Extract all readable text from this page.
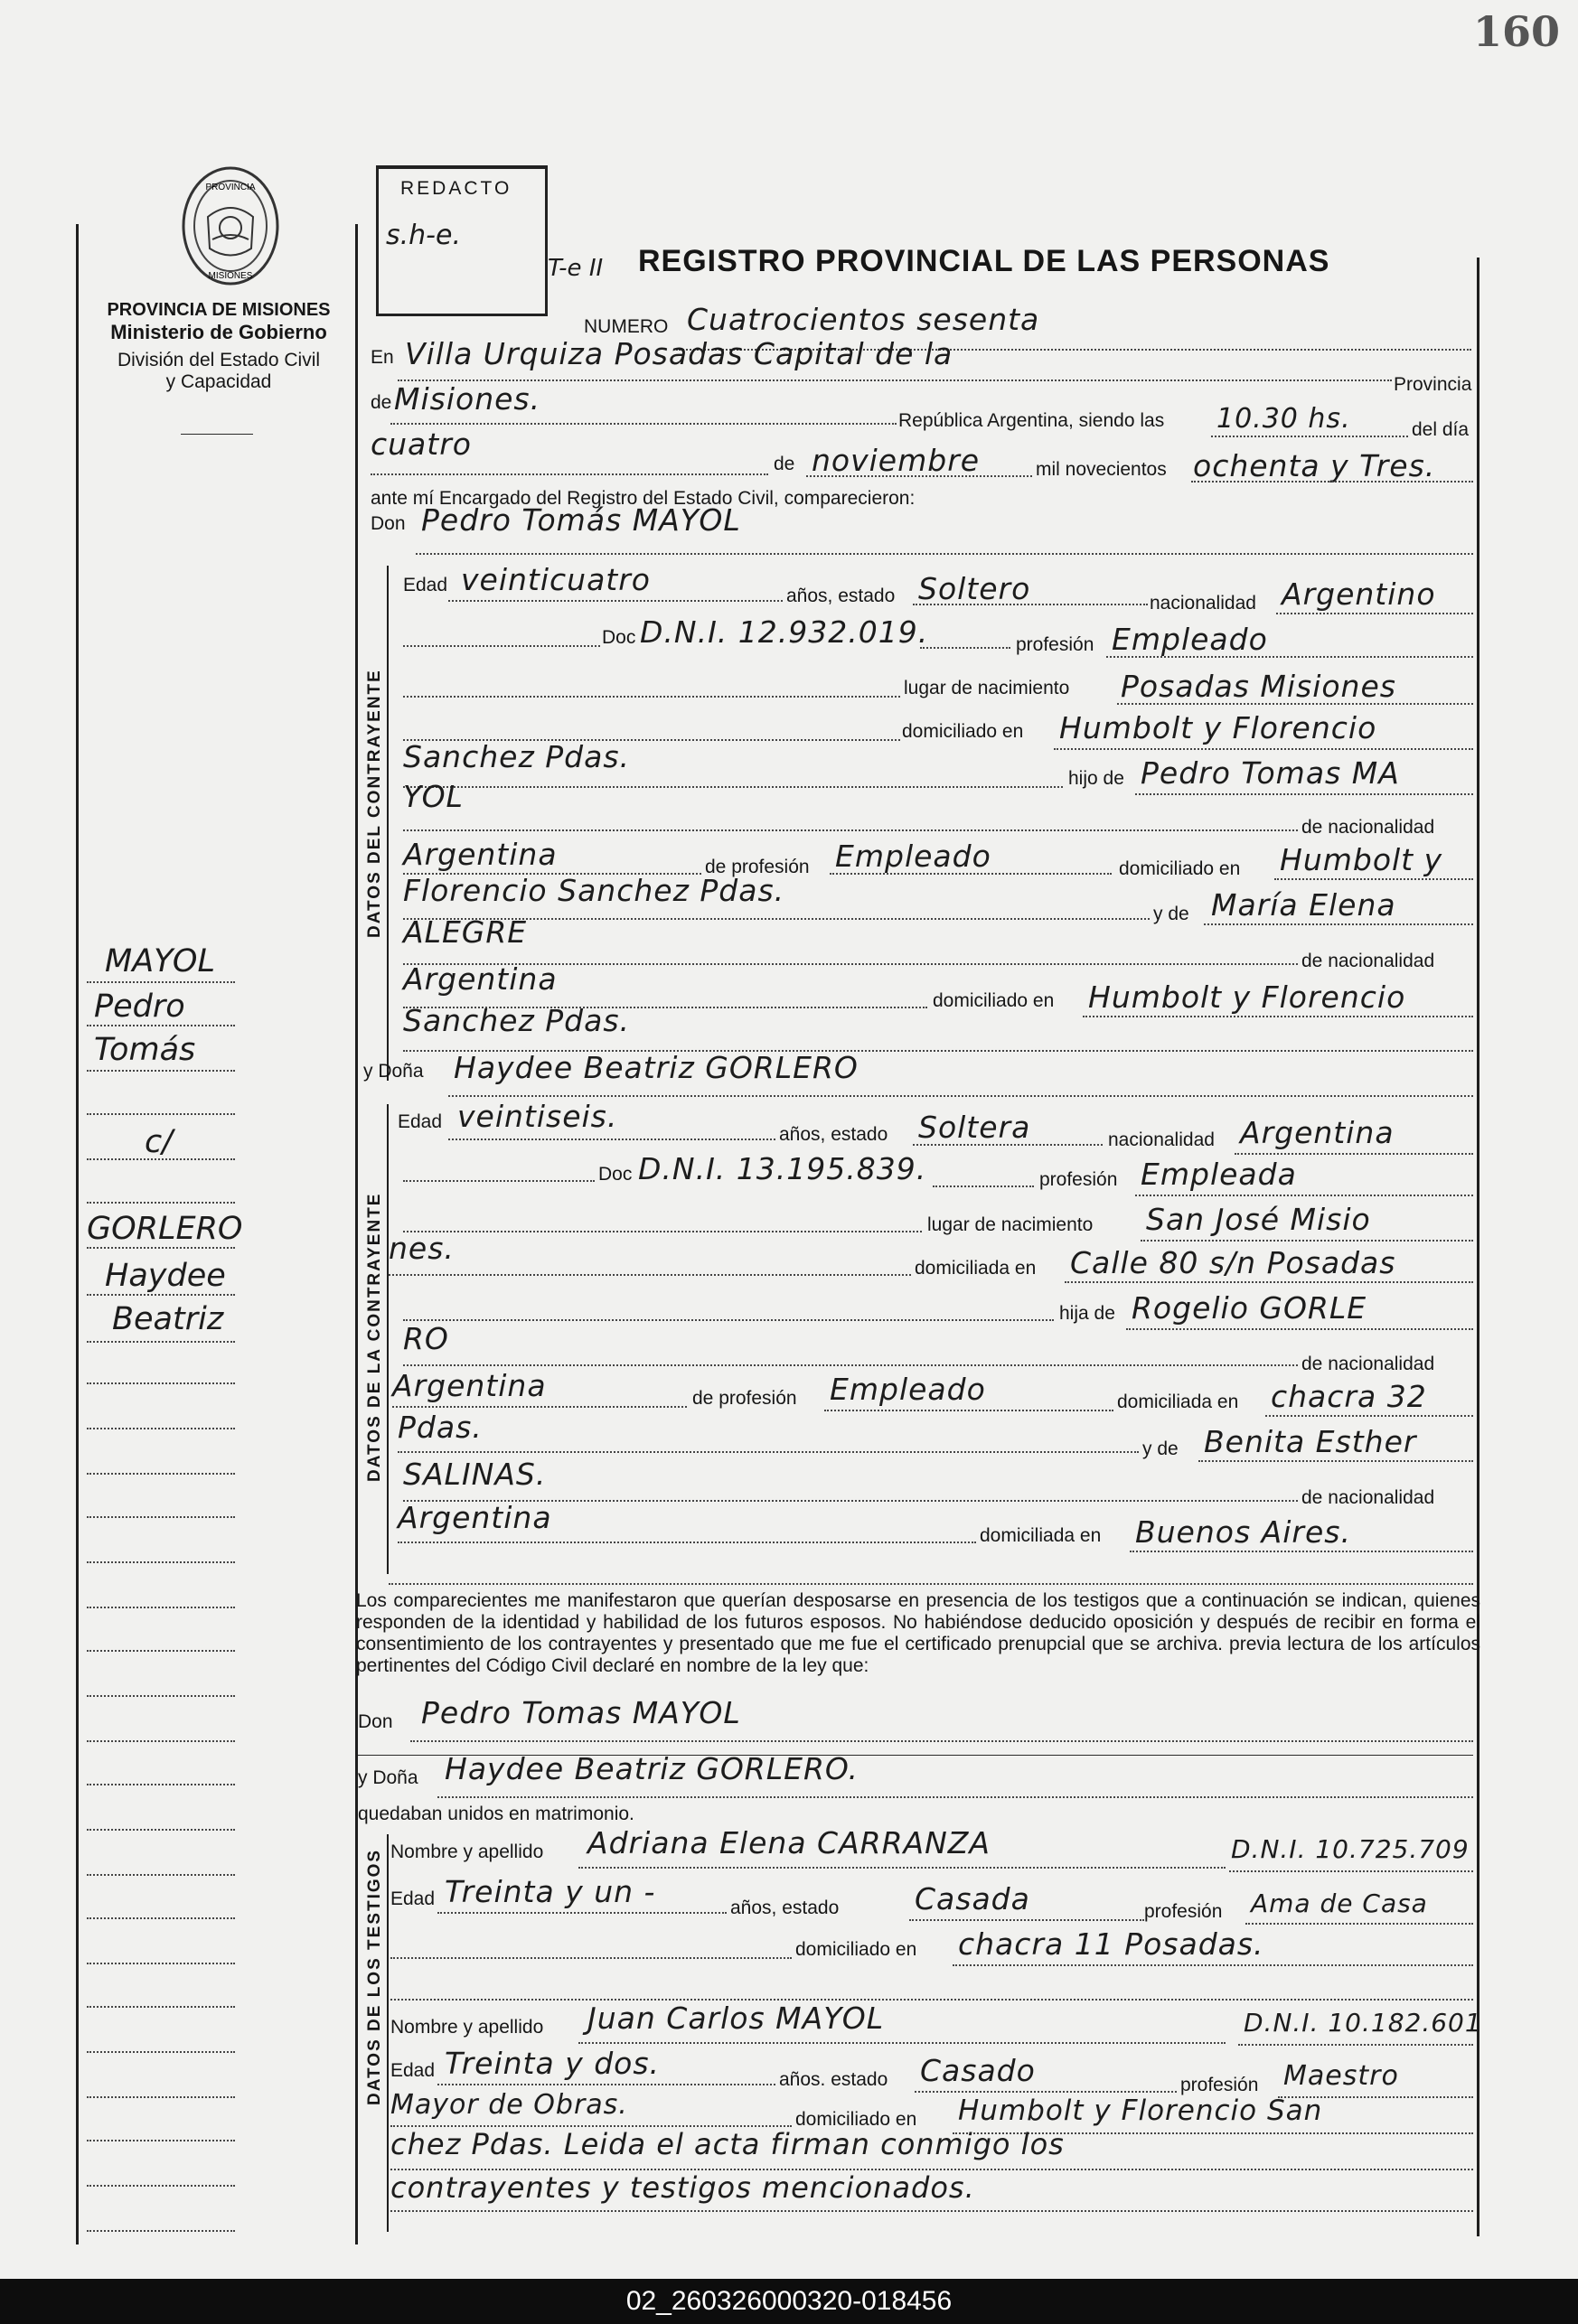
160
PROVINCIA
MISIONES
PROVINCIA DE MISIONES
Ministerio de Gobierno
División del Estado Civil
y Capacidad
REDACTO
s.h-e.
T-e II REGISTRO PROVINCIAL DE LAS PERSONAS
NUMERO Cuatrocientos sesenta
En Villa Urquiza Posadas Capital de la
Provincia
de Misiones.
República Argentina, siendo las 10.30 hs.	del día
cuatro
de noviembre	mil novecientos ochenta y Tres.
ante mí Encargado del Registro del Estado Civil, comparecieron:
Don Pedro Tomás MAYOL
DATOS DEL CONTRAYENTE
Edad veinticuatro	años, estado Soltero	nacionalidad Argentino
Doc D.N.I. 12.932.019.	profesión Empleado
lugar de nacimiento Posadas Misiones
domiciliado en Humbolt y Florencio
Sanchez Pdas.
hijo de Pedro Tomas MA
YOL
de nacionalidad
Argentina	de profesión Empleado	domiciliado en Humbolt y
Florencio Sanchez Pdas.
y de María Elena
ALEGRE
de nacionalidad
Argentina
domiciliado en Humbolt y Florencio
Sanchez Pdas.
y Doña Haydee Beatriz GORLERO
DATOS DE LA CONTRAYENTE
Edad veintiseis.
años, estado Soltera	nacionalidad Argentina
Doc D.N.I. 13.195.839.	profesión Empleada
lugar de nacimiento San José Misio
nes.
domiciliada en Calle 80 s/n Posadas
hija de Rogelio GORLE
RO
de nacionalidad
Argentina	de profesión Empleado	domiciliada en chacra 32
Pdas.
y de Benita Esther
SALINAS.
de nacionalidad
Argentina
domiciliada en Buenos Aires.
Los comparecientes me manifestaron que querían desposarse en presencia de los testigos que a continuación se indican, quienes responden de la identidad y habilidad de los futuros esposos. No habiéndose deducido oposición y después de recibir en forma el consentimiento de los contrayentes y presentado que me fue el certificado prenupcial que se archiva. previa lectura de los artículos pertinentes del Código Civil declaré en nombre de la ley que:
Don Pedro Tomas MAYOL
y Doña Haydee Beatriz GORLERO.
quedaban unidos en matrimonio.
DATOS DE LOS TESTIGOS Nombre y apellido Adriana Elena CARRANZA	D.N.I. 10.725.709
Edad Treinta y un -	años, estado	Casada	profesión Ama de Casa
domiciliado en chacra 11 Posadas.
Nombre y apellido Juan Carlos MAYOL	D.N.I. 10.182.601
Edad Treinta y dos.	años. estado Casado	profesión Maestro
Mayor de Obras.	domiciliado en Humbolt y Florencio San
chez Pdas. Leida el acta firman conmigo los
contrayentes y testigos mencionados.
MAYOL
Pedro
Tomás
c/
GORLERO
Haydee
Beatriz
02_260326000320-018456
